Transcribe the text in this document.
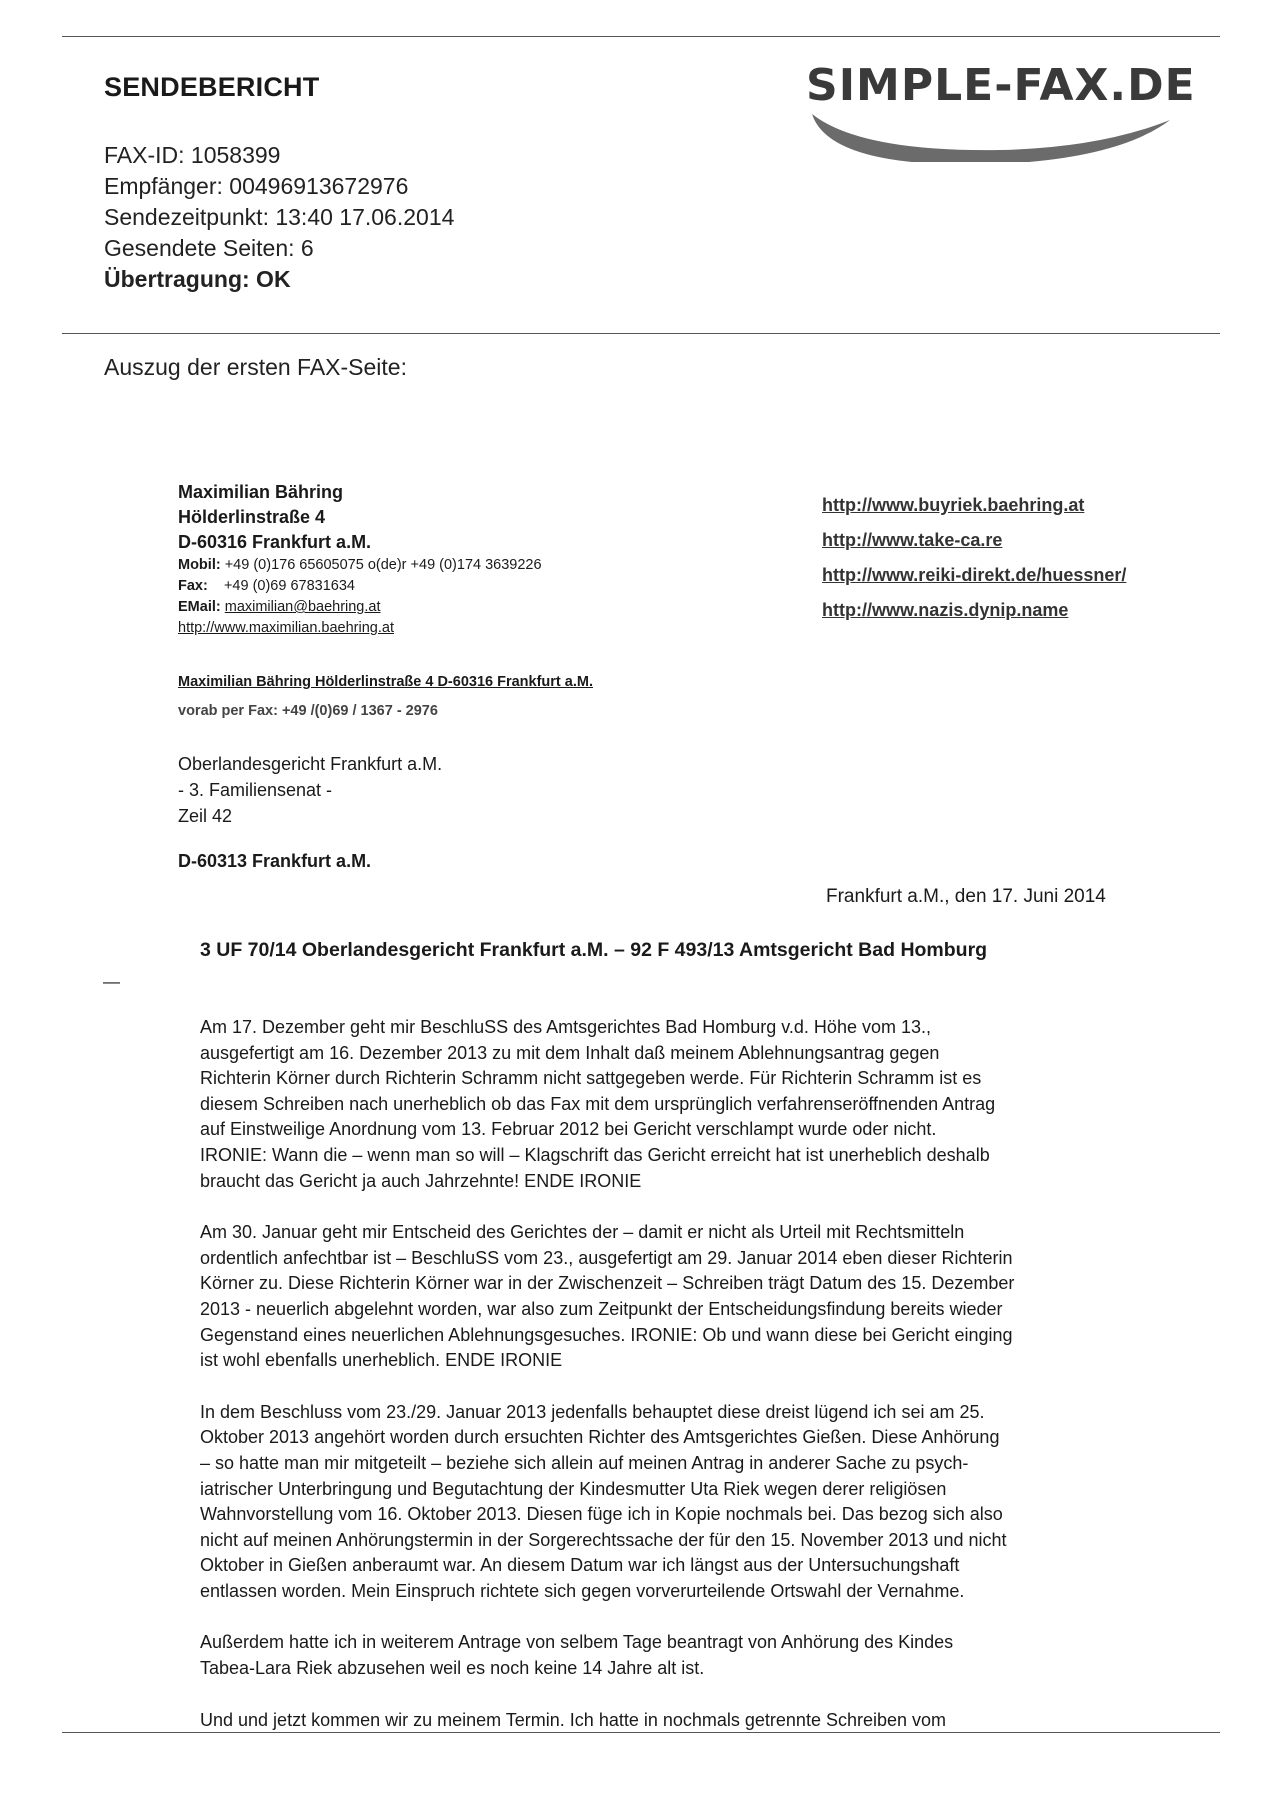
SENDEBERICHT	SIMPLE-FAX.DE
FAX-ID: 1058399
Empfänger: 00496913672976
Sendezeitpunkt: 13:40 17.06.2014
Gesendete Seiten: 6
Übertragung: OK
Auszug der ersten FAX-Seite:
Maximilian Bähring
Hölderlinstraße 4
D-60316 Frankfurt a.M.
Mobil: +49 (0)176 65605075 o(de)r +49 (0)174 3639226
Fax: +49 (0)69 67831634
EMail: maximilian@baehring.at
http://www.maximilian.baehring.at
http://www.buyriek.baehring.at
http://www.take-ca.re
http://www.reiki-direkt.de/huessner/
http://www.nazis.dynip.name
Maximilian Bähring Hölderlinstraße 4 D-60316 Frankfurt a.M.
vorab per Fax: +49 /(0)69 / 1367 - 2976
Oberlandesgericht Frankfurt a.M.
- 3. Familiensenat -
Zeil 42
D-60313 Frankfurt a.M.
Frankfurt a.M., den 17. Juni 2014
3 UF 70/14 Oberlandesgericht Frankfurt a.M. – 92 F 493/13 Amtsgericht Bad Homburg
—

Am 17. Dezember geht mir BeschluSS des Amtsgerichtes Bad Homburg v.d. Höhe vom 13.,
ausgefertigt am 16. Dezember 2013 zu mit dem Inhalt daß meinem Ablehnungsantrag gegen
Richterin Körner durch Richterin Schramm nicht sattgegeben werde. Für Richterin Schramm ist es
diesem Schreiben nach unerheblich ob das Fax mit dem ursprünglich verfahrenseröffnenden Antrag
auf Einstweilige Anordnung vom 13. Februar 2012 bei Gericht verschlampt wurde oder nicht.
IRONIE: Wann die – wenn man so will – Klagschrift das Gericht erreicht hat ist unerheblich deshalb
braucht das Gericht ja auch Jahrzehnte! ENDE IRONIE

Am 30. Januar geht mir Entscheid des Gerichtes der – damit er nicht als Urteil mit Rechtsmitteln
ordentlich anfechtbar ist – BeschluSS vom 23., ausgefertigt am 29. Januar 2014 eben dieser Richterin
Körner zu. Diese Richterin Körner war in der Zwischenzeit – Schreiben trägt Datum des 15. Dezember
2013 - neuerlich abgelehnt worden, war also zum Zeitpunkt der Entscheidungsfindung bereits wieder
Gegenstand eines neuerlichen Ablehnungsgesuches. IRONIE: Ob und wann diese bei Gericht einging
ist wohl ebenfalls unerheblich. ENDE IRONIE

In dem Beschluss vom 23./29. Januar 2013 jedenfalls behauptet diese dreist lügend ich sei am 25.
Oktober 2013 angehört worden durch ersuchten Richter des Amtsgerichtes Gießen. Diese Anhörung
– so hatte man mir mitgeteilt – beziehe sich allein auf meinen Antrag in anderer Sache zu psych-
iatrischer Unterbringung und Begutachtung der Kindesmutter Uta Riek wegen derer religiösen
Wahnvorstellung vom 16. Oktober 2013. Diesen füge ich in Kopie nochmals bei. Das bezog sich also
nicht auf meinen Anhörungstermin in der Sorgerechtssache der für den 15. November 2013 und nicht
Oktober in Gießen anberaumt war. An diesem Datum war ich längst aus der Untersuchungshaft
entlassen worden. Mein Einspruch richtete sich gegen vorverurteilende Ortswahl der Vernahme.

Außerdem hatte ich in weiterem Antrage von selbem Tage beantragt von Anhörung des Kindes
Tabea-Lara Riek abzusehen weil es noch keine 14 Jahre alt ist.

Und und jetzt kommen wir zu meinem Termin. Ich hatte in nochmals getrennte Schreiben vom
